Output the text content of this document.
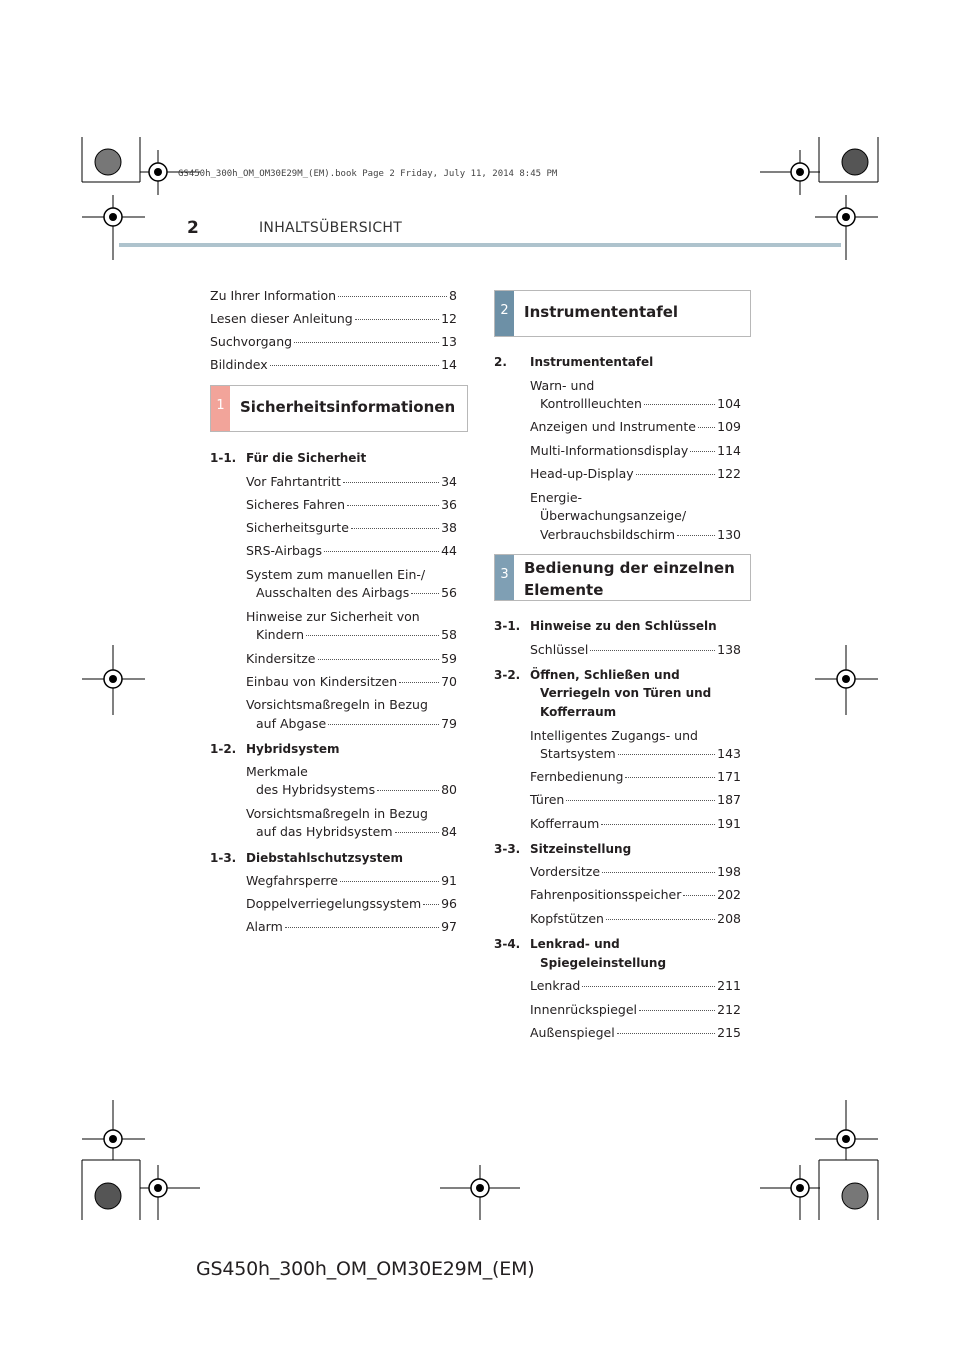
GS450h_300h_OM_OM30E29M_(EM).book Page 2 Friday, July 11, 2014 8:45 PM
2	INHALTSÜBERSICHT
Zu Ihrer Information	8
Lesen dieser Anleitung	12
Suchvorgang	13
Bildindex	14
1	Sicherheitsinformationen
1-1. Für die Sicherheit
Vor Fahrtantritt	34
Sicheres Fahren	36
Sicherheitsgurte	38
SRS-Airbags	44
System zum manuellen Ein-/
Ausschalten des Airbags	56
Hinweise zur Sicherheit von
Kindern	58
Kindersitze	59
Einbau von Kindersitzen	70
Vorsichtsmaßregeln in Bezug
auf Abgase	79
1-2. Hybridsystem
Merkmale
des Hybridsystems	80
Vorsichtsmaßregeln in Bezug
auf das Hybridsystem	84
1-3. Diebstahlschutzsystem
Wegfahrsperre	91
Doppelverriegelungssystem 96
Alarm	97
2	Instrumententafel
2. Instrumententafel
Warn- und
Kontrollleuchten	104
Anzeigen und Instrumente 109
Multi-Informationsdisplay 114
Head-up-Display	122
Energie-
Überwachungsanzeige/
Verbrauchsbildschirm	130
3	Bedienung der einzelnen
Elemente
3-1. Hinweise zu den Schlüsseln
Schlüssel	138
3-2. Öffnen, Schließen und
Verriegeln von Türen und
Kofferraum
Intelligentes Zugangs- und
Startsystem	143
Fernbedienung	171
Türen	187
Kofferraum	191
3-3. Sitzeinstellung
Vordersitze	198
Fahrenpositionsspeicher	202
Kopfstützen	208
3-4. Lenkrad- und
Spiegeleinstellung
Lenkrad	211
Innenrückspiegel	212
Außenspiegel	215
GS450h_300h_OM_OM30E29M_(EM)
